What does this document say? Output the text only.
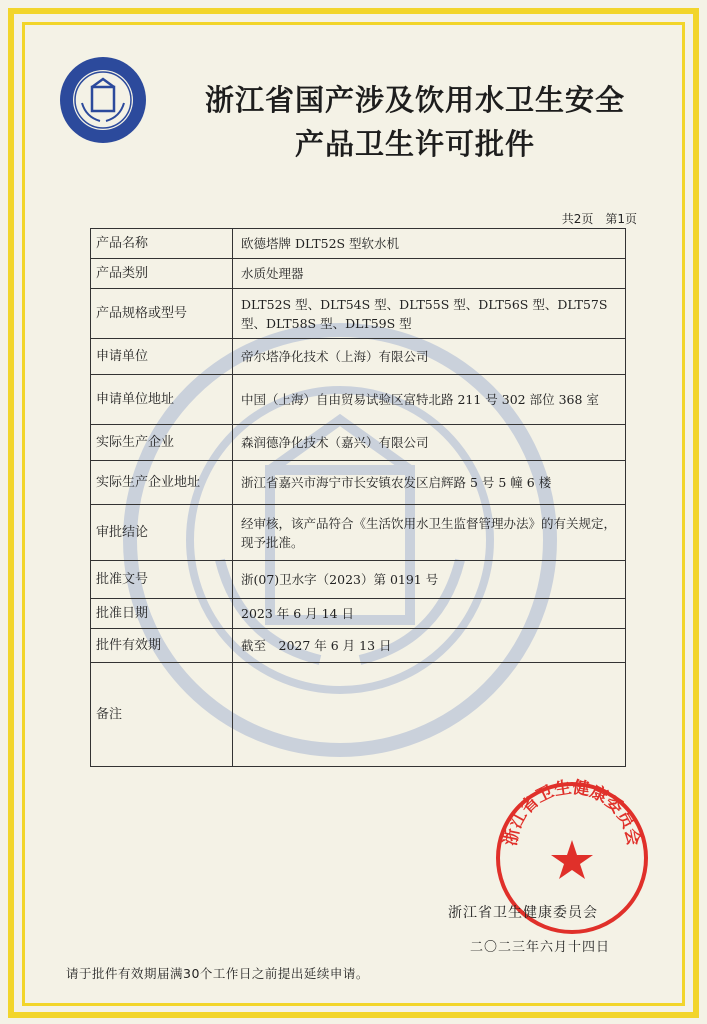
浙江省国产涉及饮用水卫生安全
产品卫生许可批件
共2页　第1页
产品名称	欧德塔牌 DLT52S 型软水机
产品类别	水质处理器
产品规格或型号	DLT52S 型、DLT54S 型、DLT55S 型、DLT56S 型、DLT57S 型、DLT58S 型、DLT59S 型
申请单位	帝尔塔净化技术（上海）有限公司
申请单位地址	中国（上海）自由贸易试验区富特北路 211 号 302 部位 368 室
实际生产企业	森润德净化技术（嘉兴）有限公司
实际生产企业地址	浙江省嘉兴市海宁市长安镇农发区启辉路 5 号 5 幢 6 楼
审批结论	经审核，该产品符合《生活饮用水卫生监督管理办法》的有关规定，现予批准。
批准文号	浙(07)卫水字（2023）第 0191 号
批准日期	2023 年 6 月 14 日
批件有效期	截至　2027 年 6 月 13 日
备注	
浙江省卫生健康委员会
浙江省卫生健康委员会
二〇二三年六月十四日
请于批件有效期届满30个工作日之前提出延续申请。
